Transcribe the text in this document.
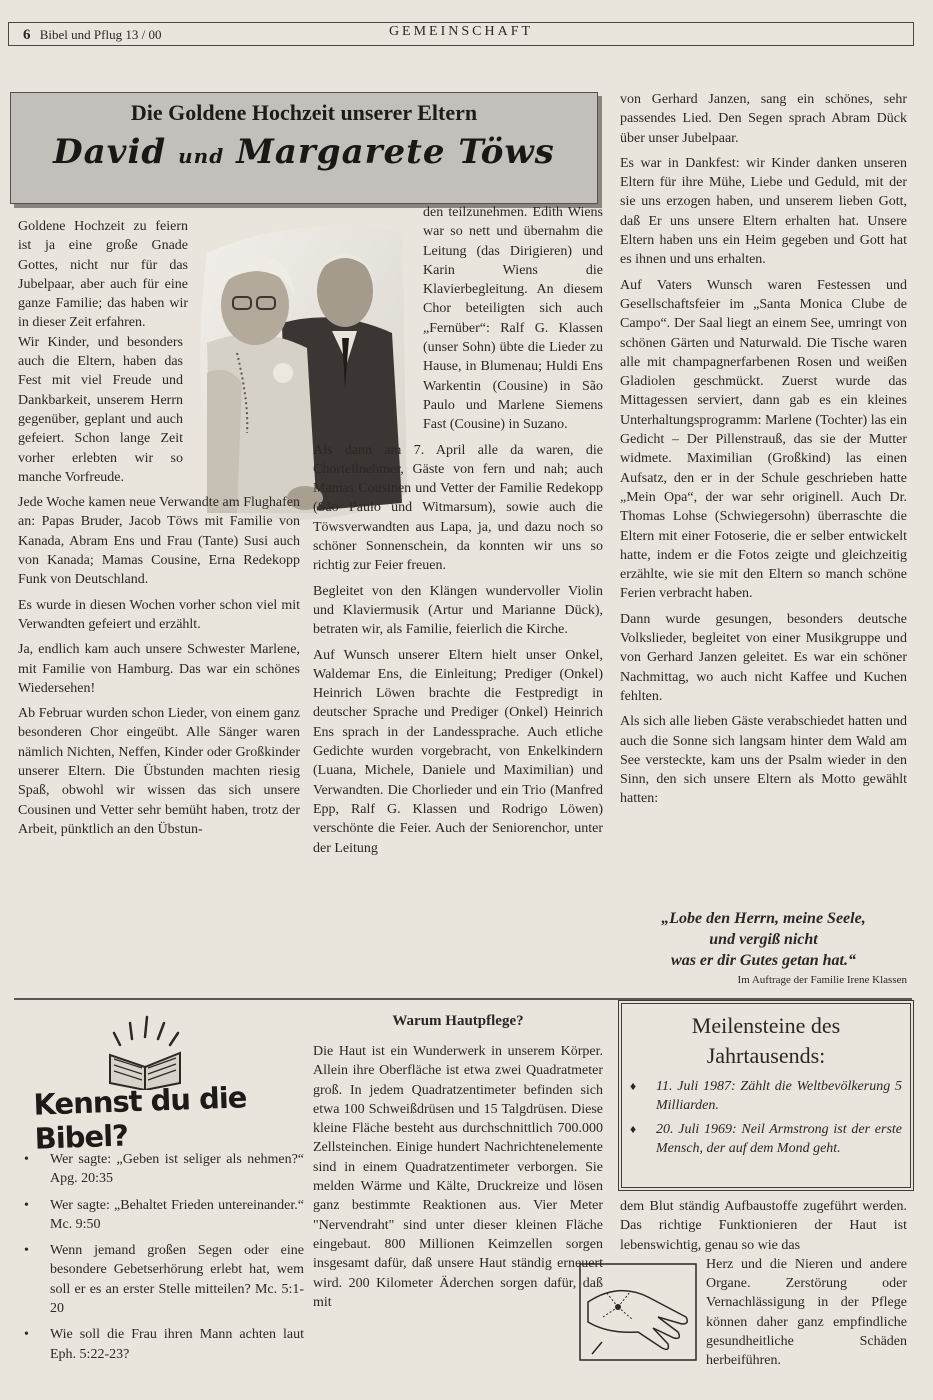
6 Bibel und Pflug 13 / 00	GEMEINSCHAFT
Die Goldene Hochzeit unserer Eltern
David und Margarete Töws

Goldene Hochzeit zu feiern ist ja eine große Gnade Gottes, nicht nur für das Jubelpaar, aber auch für eine ganze Familie; das haben wir in dieser Zeit erfahren.

Wir Kinder, und besonders auch die Eltern, haben das Fest mit viel Freude und Dankbarkeit, unserem Herrn gegenüber, geplant und auch gefeiert. Schon lange Zeit vorher erlebten wir so manche Vorfreude.

Jede Woche kamen neue Verwandte am Flughafen an: Papas Bruder, Jacob Töws mit Familie von Kanada, Abram Ens und Frau (Tante) Susi auch von Kanada; Mamas Cousine, Erna Redekopp Funk von Deutschland.

Es wurde in diesen Wochen vorher schon viel mit Verwandten gefeiert und erzählt.

Ja, endlich kam auch unsere Schwester Marlene, mit Familie von Hamburg. Das war ein schönes Wiedersehen!

Ab Februar wurden schon Lieder, von einem ganz besonderen Chor eingeübt. Alle Sänger waren nämlich Nichten, Neffen, Kinder oder Großkinder unserer Eltern. Die Übstunden machten riesig Spaß, obwohl wir wissen das sich unsere Cousinen und Vetter sehr bemüht haben, trotz der Arbeit, pünktlich an den Übstun-

den teilzunehmen. Edith Wiens war so nett und übernahm die Leitung (das Dirigieren) und Karin Wiens die Klavierbegleitung. An diesem Chor beteiligten sich auch „Fernüber“: Ralf G. Klassen (unser Sohn) übte die Lieder zu Hause, in Blumenau; Huldi Ens Warkentin (Cousine) in São Paulo und Marlene Siemens Fast (Cousine) in Suzano.

Als dann am 7. April alle da waren, die Chorteilnehmer, Gäste von fern und nah; auch Mamas Cousinen und Vetter der Familie Redekopp (São Paulo und Witmarsum), sowie auch die Töwsverwandten aus Lapa, ja, und dazu noch so schöner Sonnenschein, da konnten wir uns so richtig zur Feier freuen.

Begleitet von den Klängen wundervoller Violin und Klaviermusik (Artur und Marianne Dück), betraten wir, als Familie, feierlich die Kirche.

Auf Wunsch unserer Eltern hielt unser Onkel, Waldemar Ens, die Einleitung; Prediger (Onkel) Heinrich Löwen brachte die Festpredigt in deutscher Sprache und Prediger (Onkel) Heinrich Ens sprach in der Landessprache. Auch etliche Gedichte wurden vorgebracht, von Enkelkindern (Luana, Michele, Daniele und Maximilian) und Verwandten. Die Chorlieder und ein Trio (Manfred Epp, Ralf G. Klassen und Rodrigo Löwen) verschönte die Feier. Auch der Seniorenchor, unter der Leitung

von Gerhard Janzen, sang ein schönes, sehr passendes Lied. Den Segen sprach Abram Dück über unser Jubelpaar.

Es war in Dankfest: wir Kinder danken unseren Eltern für ihre Mühe, Liebe und Geduld, mit der sie uns erzogen haben, und unserem lieben Gott, daß Er uns unsere Eltern erhalten hat. Unsere Eltern haben uns ein Heim gegeben und Gott hat es ihnen und uns erhalten.

Auf Vaters Wunsch waren Festessen und Gesellschaftsfeier im „Santa Monica Clube de Campo“. Der Saal liegt an einem See, umringt von schönen Gärten und Naturwald. Die Tische waren alle mit champagnerfarbenen Rosen und weißen Gladiolen geschmückt. Zuerst wurde das Mittagessen serviert, dann gab es ein kleines Unterhaltungsprogramm: Marlene (Tochter) las ein Gedicht – Der Pillenstrauß, das sie der Mutter widmete. Maximilian (Großkind) las einen Aufsatz, den er in der Schule geschrieben hatte „Mein Opa“, der war sehr originell. Auch Dr. Thomas Lohse (Schwiegersohn) überraschte die Eltern mit einer Fotoserie, die er selber entwickelt hatte, indem er die Fotos zeigte und gleichzeitig erzählte, wie sie mit den Eltern so manch schöne Ferien verbracht haben.

Dann wurde gesungen, besonders deutsche Volkslieder, begleitet von einer Musikgruppe und von Gerhard Janzen geleitet. Es war ein schöner Nachmittag, wo auch nicht Kaffee und Kuchen fehlten.

Als sich alle lieben Gäste verabschiedet hatten und auch die Sonne sich langsam hinter dem Wald am See versteckte, kam uns der Psalm wieder in den Sinn, den sich unsere Eltern als Motto gewählt hatten:

„Lobe den Herrn, meine Seele,
und vergiß nicht
was er dir Gutes getan hat.“
Im Auftrage der Familie Irene Klassen
Kennst du die Bibel?
• Wer sagte: „Geben ist seliger als nehmen?“ Apg. 20:35
• Wer sagte: „Behaltet Frieden untereinander.“ Mc. 9:50
• Wenn jemand großen Segen oder eine besondere Gebetserhörung erlebt hat, wem soll er es an erster Stelle mitteilen? Mc. 5:1-20
• Wie soll die Frau ihren Mann achten laut Eph. 5:22-23?
Warum Hautpflege?

Die Haut ist ein Wunderwerk in unserem Körper. Allein ihre Oberfläche ist etwa zwei Quadratmeter groß. In jedem Quadratzentimeter befinden sich etwa 100 Schweißdrüsen und 15 Talgdrüsen. Diese kleine Fläche besteht aus durchschnittlich 700.000 Zellsteinchen. Einige hundert Nachrichtenelemente sind in einem Quadratzentimeter verborgen. Sie melden Wärme und Kälte, Druckreize und lösen ganz bestimmte Reaktionen aus. Vier Meter "Nervendraht" sind unter dieser kleinen Fläche eingebaut. 800 Millionen Keimzellen sorgen insgesamt dafür, daß unsere Haut ständig erneuert wird. 200 Kilometer Äderchen sorgen dafür, daß mit

dem Blut ständig Aufbaustoffe zugeführt werden. Das richtige Funktionieren der Haut ist lebenswichtig, genau so wie das

Herz und die Nieren und andere Organe. Zerstörung oder Vernachlässigung in der Pflege können daher ganz empfindliche gesundheitliche Schäden herbeiführen.

Meilensteine des
Jahrtausends:
♦ 11. Juli 1987: Zählt die Weltbevölkerung 5 Milliarden.
♦ 20. Juli 1969: Neil Armstrong ist der erste Mensch, der auf dem Mond geht.
